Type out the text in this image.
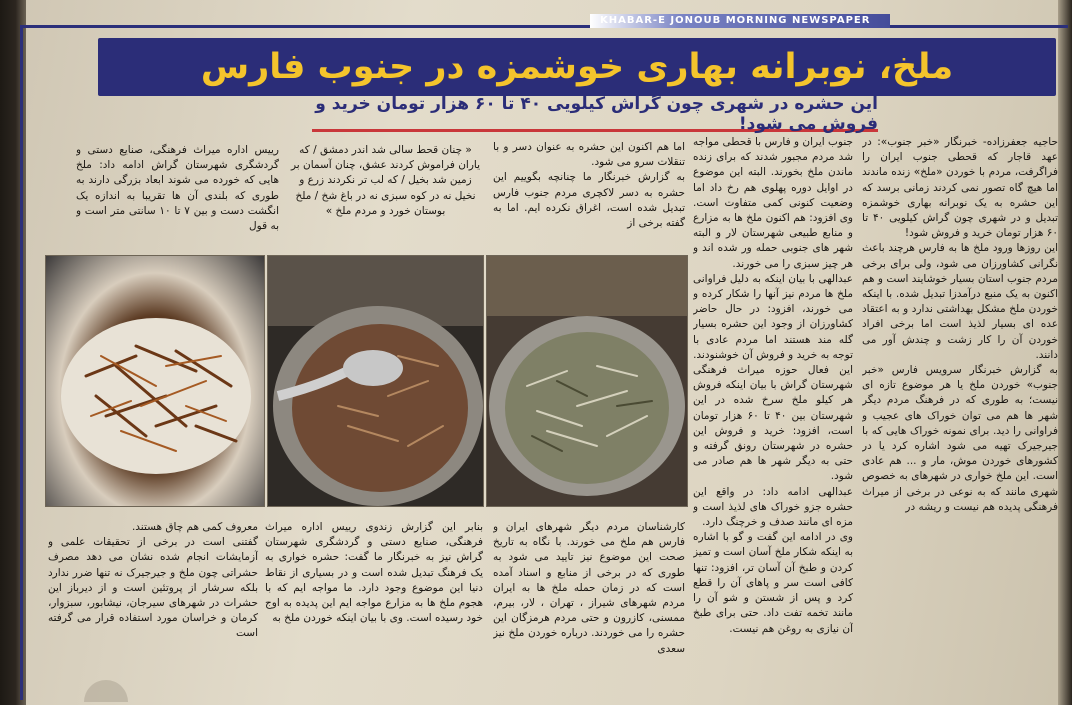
KHABAR-E JONOUB MORNING NEWSPAPER
ملخ، نوبرانه بهاری خوشمزه در جنوب فارس
این حشره در شهری چون گراش کیلویی ۴۰ تا ۶۰ هزار تومان خرید و فروش می شود!
حاجیه جعفرزاده- خبرنگار «خبر جنوب»: در عهد قاجار که قحطی جنوب ایران را فراگرفت، مردم با خوردن «ملخ» زنده ماندند اما هیچ گاه تصور نمی کردند زمانی برسد که این حشره به یک نوبرانه بهاری خوشمزه تبدیل و در شهری چون گراش کیلویی ۴۰ تا ۶۰ هزار تومان خرید و فروش شود!
این روزها ورود ملخ ها به فارس هرچند باعث نگرانی کشاورزان می شود، ولی برای برخی مردم جنوب استان بسیار خوشایند است و هم اکنون به یک منبع درآمدزا تبدیل شده. با اینکه خوردن ملخ مشکل بهداشتی ندارد و به اعتقاد عده ای بسیار لذیذ است اما برخی افراد خوردن آن را کار زشت و چندش آور می دانند.
به گزارش خبرنگار سرویس فارس «خبر جنوب» خوردن ملخ یا هر موضوع تازه ای نیست؛ به طوری که در فرهنگ مردم دیگر شهر ها هم می توان خوراک های عجیب و فراوانی را دید. برای نمونه خوراک هایی که با جیرجیرک تهیه می شود اشاره کرد یا در کشورهای خوردن موش، مار و ... هم عادی است. این ملخ خواری در شهرهای به خصوص شهری مانند که به نوعی در برخی از میراث فرهنگی پدیده هم نیست و ریشه در
جنوب ایران و فارس با قحطی مواجه شد مردم مجبور شدند که برای زنده ماندن ملخ بخورند. البته این موضوع در اوایل دوره پهلوی هم رخ داد اما وضعیت کنونی کمی متفاوت است. وی افزود: هم اکنون ملخ ها به مزارع و منابع طبیعی شهرستان لار و البته شهر های جنوبی حمله ور شده اند و هر چیز سبزی را می خورند.
عبدالهی با بیان اینکه به دلیل فراوانی ملخ ها مردم نیز آنها را شکار کرده و می خورند، افزود: در حال حاضر کشاورزان از وجود این حشره بسیار گله مند هستند اما مردم عادی با توجه به خرید و فروش آن خوشنودند.
این فعال حوزه میراث فرهنگی شهرستان گراش با بیان اینکه فروش هر کیلو ملخ سرخ شده در این شهرستان بین ۴۰ تا ۶۰ هزار تومان است، افزود: خرید و فروش این حشره در شهرستان رونق گرفته و حتی به دیگر شهر ها هم صادر می شود.
عبدالهی ادامه داد: در واقع این حشره جزو خوراک های لذیذ است و مزه ای مانند صدف و خرچنگ دارد.
وی در ادامه این گفت و گو با اشاره به اینکه شکار ملخ آسان است و تمیز کردن و طبخ آن آسان تر، افزود: تنها کافی است سر و پاهای آن را قطع کرد و پس از شستن و شو آن را مانند تخمه تفت داد. حتی برای طبخ آن نیازی به روغن هم نیست.
اما هم اکنون این حشره به عنوان دسر و با تنقلات سرو می شود.
به گزارش خبرنگار ما چنانچه بگوییم این حشره به دسر لاکچری مردم جنوب فارس تبدیل شده است، اغراق نکرده ایم. اما به گفته برخی از
« چنان قحط سالی شد اندر دمشق / که یاران فراموش کردند عشق، چنان آسمان بر زمین شد بخیل / که لب تر نکردند زرع و نخیل نه در کوه سبزی نه در باغ شخ / ملخ بوستان خورد و مردم ملخ »
رییس اداره میراث فرهنگی، صنایع دستی و گردشگری شهرستان گراش ادامه داد: ملخ هایی که خورده می شوند ابعاد بزرگی دارند به طوری که بلندی آن ها تقریبا به اندازه یک انگشت دست و بین ۷ تا ۱۰ سانتی متر است و به قول
کارشناسان مردم دیگر شهرهای ایران و فارس هم ملخ می خورند. با نگاه به تاریخ صحت این موضوع نیز تایید می شود به طوری که در برخی از منابع و اسناد آمده است که در زمان حمله ملخ ها به ایران مردم شهرهای شیراز ، تهران ، لار، بیرم، ممسنی، کازرون و حتی مردم هرمزگان این حشره را می خوردند. درباره خوردن ملخ نیز سعدی
بنابر این گزارش زندوی رییس اداره میراث فرهنگی، صنایع دستی و گردشگری شهرستان گراش نیز به خبرنگار ما گفت: حشره خواری به یک فرهنگ تبدیل شده است و در بسیاری از نقاط دنیا این موضوع وجود دارد. ما مواجه ایم که با هجوم ملخ ها به مزارع مواجه ایم این پدیده به اوج خود رسیده است. وی با بیان اینکه خوردن ملخ به
معروف کمی هم چاق هستند.
گفتنی است در برخی از تحقیقات علمی و آزمایشات انجام شده نشان می دهد مصرف حشراتی چون ملخ و جیرجیرک نه تنها ضرر ندارد بلکه سرشار از پروتئین است و از دیرباز این حشرات در شهرهای سیرجان، نیشابور، سبزوار، کرمان و خراسان مورد استفاده قرار می گرفته است
